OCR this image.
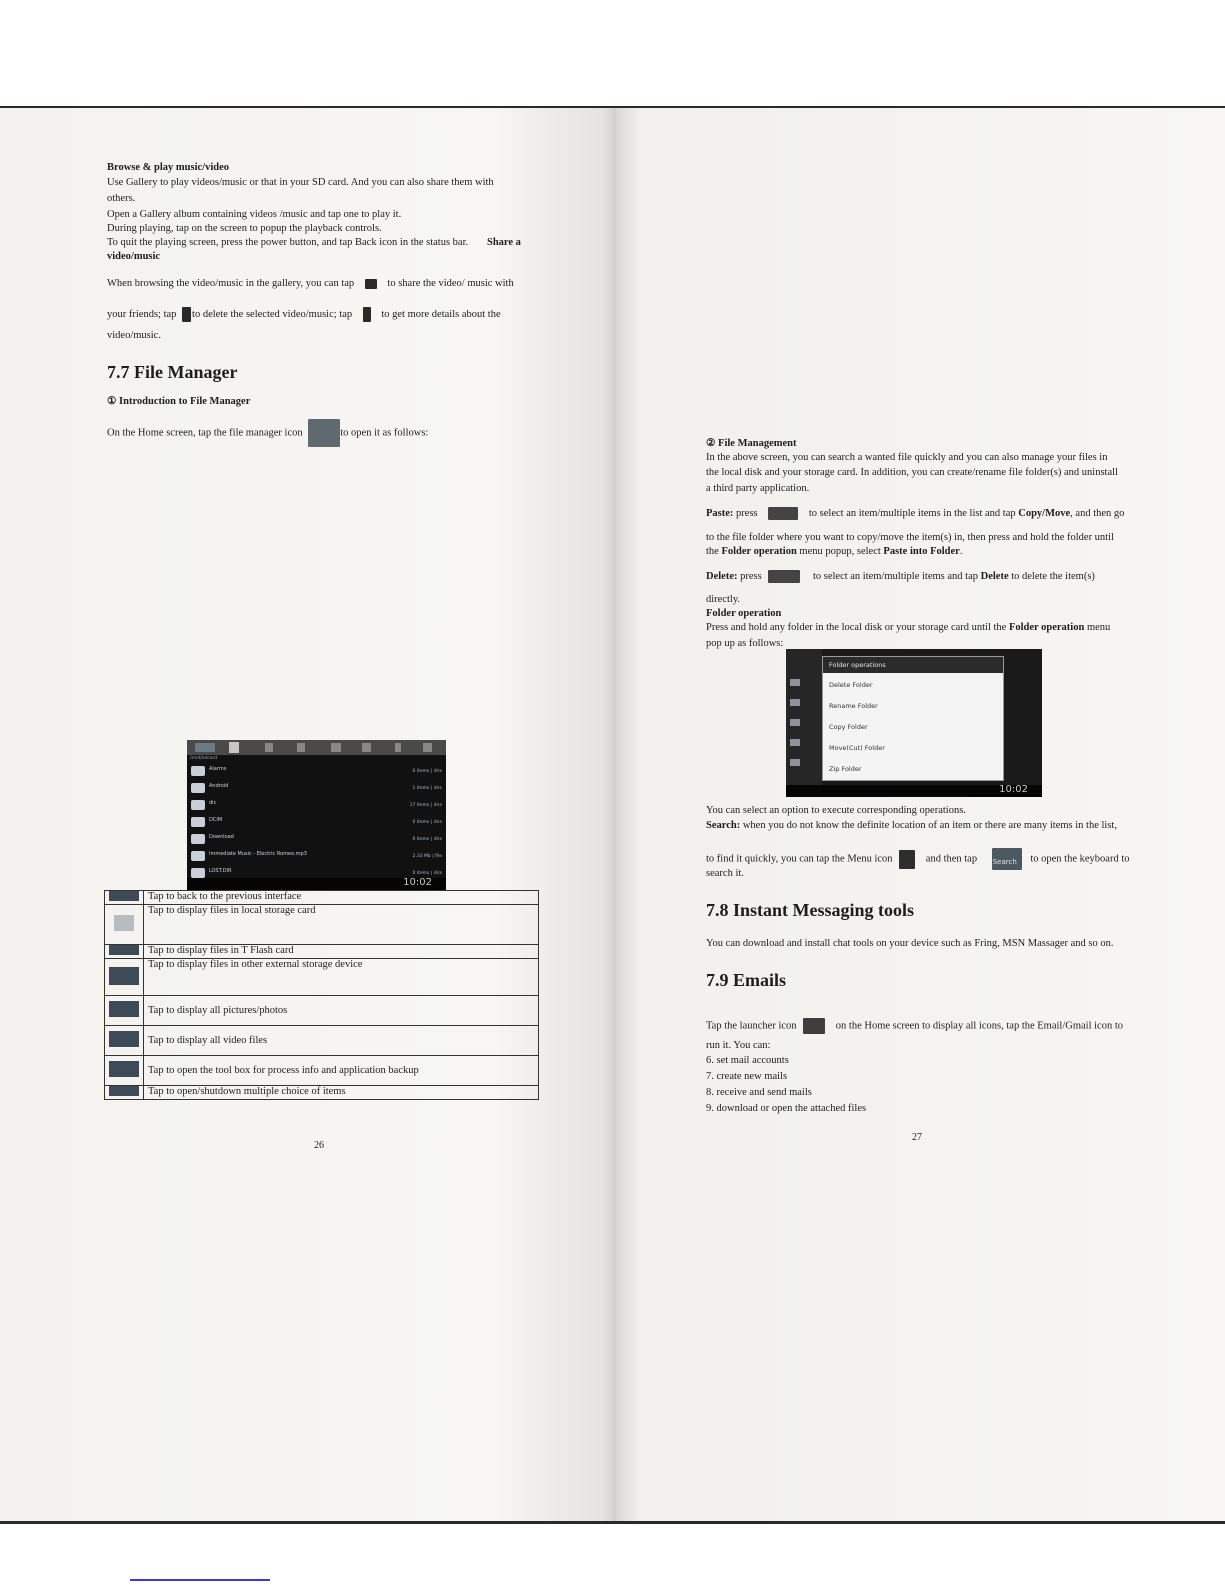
Browse & play music/video
Use Gallery to play videos/music or that in your SD card. And you can also share them with
others.
Open a Gallery album containing videos /music and tap one to play it.
During playing, tap on the screen to popup the playback controls.
To quit the playing screen, press the power button, and tap Back icon in the status bar. Share a
video/music
When browsing the video/music in the gallery, you can tap	to share the video/ music with
your friends; tap to delete the selected video/music; tap	to get more details about the
video/music.
7.7 File Manager
① Introduction to File Manager
On the Home screen, tap the file manager icon	to open it as follows:
/mnt/sdcard
Alarms	0 items | dirs
Android	1 items | dirs
dic	17 items | dirs
DCIM	0 items | dirs
Download	0 items | dirs
Immediate Music - Electric Romeo.mp3	2.33 Mb | file
LOST.DIR	0 items | dirs
10:02
	Tap to back to the previous interface
	Tap to display files in local storage card
	Tap to display files in T Flash card
	Tap to display files in other external storage device
	Tap to display all pictures/photos
	Tap to display all video files
	Tap to open the tool box for process info and application backup
	Tap to open/shutdown multiple choice of items
26
② File Management
In the above screen, you can search a wanted file quickly and you can also manage your files in
the local disk and your storage card. In addition, you can create/rename file folder(s) and uninstall
a third party application.
Paste: press	to select an item/multiple items in the list and tap Copy/Move, and then go
to the file folder where you want to copy/move the item(s) in, then press and hold the folder until
the Folder operation menu popup, select Paste into Folder.
Delete: press	to select an item/multiple items and tap Delete to delete the item(s)
directly.
Folder operation
Press and hold any folder in the local disk or your storage card until the Folder operation menu
pop up as follows:
Folder operations
Delete Folder
Rename Folder
Copy Folder
Move(Cut) Folder
Zip Folder
10:02
You can select an option to execute corresponding operations.
Search: when you do not know the definite location of an item or there are many items in the list,
to find it quickly, you can tap the Menu icon	and then tap Search to open the keyboard to
search it.
7.8 Instant Messaging tools
You can download and install chat tools on your device such as Fring, MSN Massager and so on.
7.9 Emails
Tap the launcher icon	on the Home screen to display all icons, tap the Email/Gmail icon to
run it. You can:
6. set mail accounts
7. create new mails
8. receive and send mails
9. download or open the attached files
27
